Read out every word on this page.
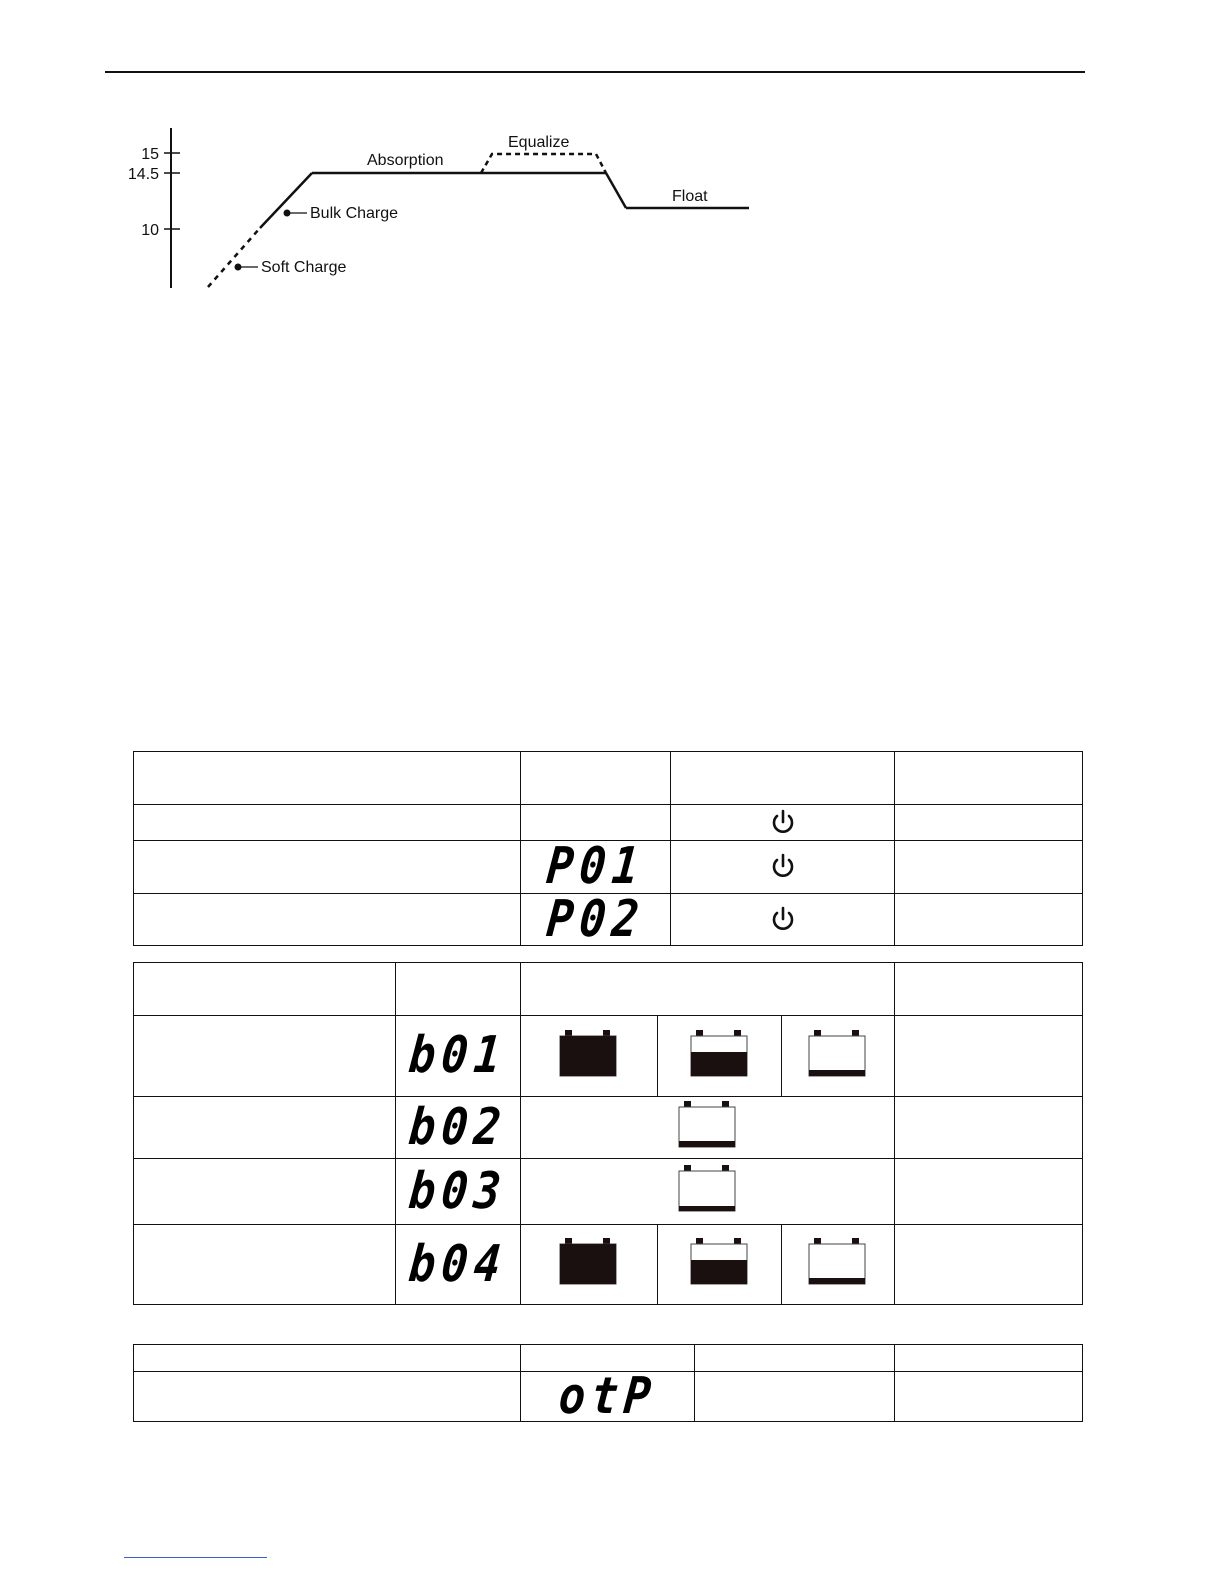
15
14.5
10
Soft Charge
Bulk Charge
Absorption
Equalize
Float

	P01	

	P02	

	b01				
	b02		
	b03		
	b04				

	otP		
